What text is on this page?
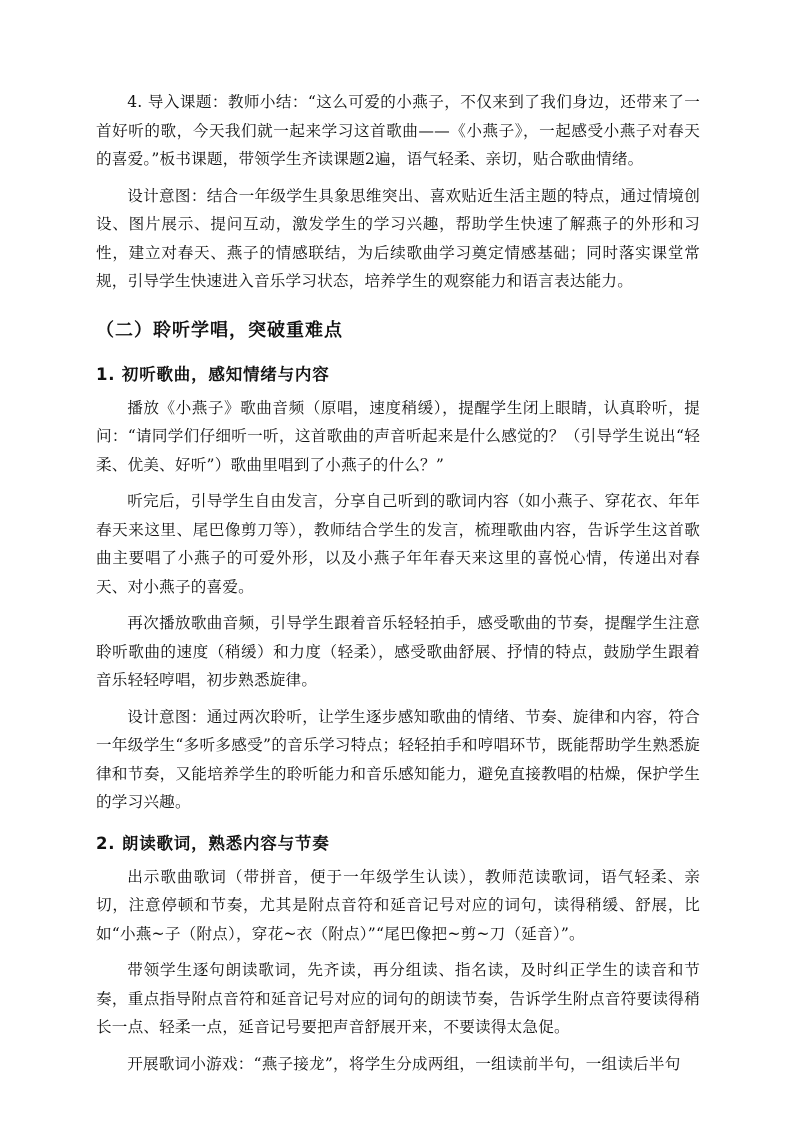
4. 导入课题：教师小结：“这么可爱的小燕子，不仅来到了我们身边，还带来了一首好听的歌，今天我们就一起来学习这首歌曲——《小燕子》，一起感受小燕子对春天的喜爱。”板书课题，带领学生齐读课题2遍，语气轻柔、亲切，贴合歌曲情绪。

设计意图：结合一年级学生具象思维突出、喜欢贴近生活主题的特点，通过情境创设、图片展示、提问互动，激发学生的学习兴趣，帮助学生快速了解燕子的外形和习性，建立对春天、燕子的情感联结，为后续歌曲学习奠定情感基础；同时落实课堂常规，引导学生快速进入音乐学习状态，培养学生的观察能力和语言表达能力。

（二）聆听学唱，突破重难点
1. 初听歌曲，感知情绪与内容

播放《小燕子》歌曲音频（原唱，速度稍缓），提醒学生闭上眼睛，认真聆听，提问：“请同学们仔细听一听，这首歌曲的声音听起来是什么感觉的？（引导学生说出“轻柔、优美、好听”）歌曲里唱到了小燕子的什么？”

听完后，引导学生自由发言，分享自己听到的歌词内容（如小燕子、穿花衣、年年春天来这里、尾巴像剪刀等），教师结合学生的发言，梳理歌曲内容，告诉学生这首歌曲主要唱了小燕子的可爱外形，以及小燕子年年春天来这里的喜悦心情，传递出对春天、对小燕子的喜爱。

再次播放歌曲音频，引导学生跟着音乐轻轻拍手，感受歌曲的节奏，提醒学生注意聆听歌曲的速度（稍缓）和力度（轻柔），感受歌曲舒展、抒情的特点，鼓励学生跟着音乐轻轻哼唱，初步熟悉旋律。

设计意图：通过两次聆听，让学生逐步感知歌曲的情绪、节奏、旋律和内容，符合一年级学生“多听多感受”的音乐学习特点；轻轻拍手和哼唱环节，既能帮助学生熟悉旋律和节奏，又能培养学生的聆听能力和音乐感知能力，避免直接教唱的枯燥，保护学生的学习兴趣。

2. 朗读歌词，熟悉内容与节奏

出示歌曲歌词（带拼音，便于一年级学生认读），教师范读歌词，语气轻柔、亲切，注意停顿和节奏，尤其是附点音符和延音记号对应的词句，读得稍缓、舒展，比如“小燕~子（附点），穿花~衣（附点）”“尾巴像把~剪~刀（延音）”。

带领学生逐句朗读歌词，先齐读，再分组读、指名读，及时纠正学生的读音和节奏，重点指导附点音符和延音记号对应的词句的朗读节奏，告诉学生附点音符要读得稍长一点、轻柔一点，延音记号要把声音舒展开来，不要读得太急促。

开展歌词小游戏：“燕子接龙”，将学生分成两组，一组读前半句，一组读后半句
